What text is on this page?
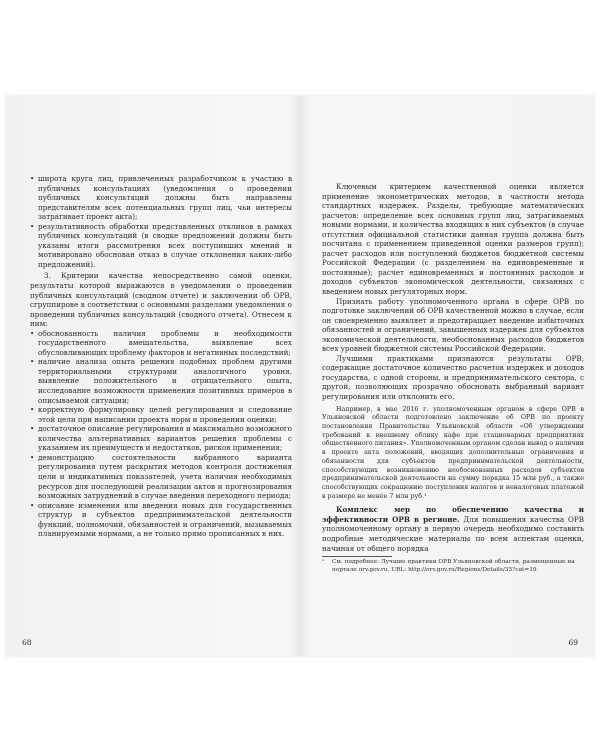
• широта круга лиц, привлеченных разработчиком к участию в публичных консультациях (уведомления о проведении публичных консультаций должны быть направлены представителям всех потенциальных групп лиц, чьи интересы затрагивает проект акта);
• результативность обработки представленных откликов в рамках публичных консультаций (в сводке предложений должны быть указаны итоги рассмотрения всех поступивших мнений и мотивировано обоснован отказ в случае отклонения каких-либо предложений).

3. Критерии качества непосредственно самой оценки, результаты которой выражаются в уведомлении о проведении публичных консультаций (сводном отчете) и заключении об ОРВ, сгруппирове в соответствии с основными разделами уведомления о проведении публичных консультаций (сводного отчета). Отнесем к ним:

• обоснованность наличия проблемы и необходимости государственного вмешательства, выявление всех обусловливающих проблему факторов и негативных последствий;
• наличие анализа опыта решения подобных проблем другими территориальными структурами аналогичного уровня, выявление положительного и отрицательного опыта, исследование возможности применения позитивных примеров в описываемой ситуации;
• корректную формулировку целей регулирования и следование этой цели при написании проекта норм и проведении оценки;
• достаточное описание регулирования и максимально возможного количества альтернативных вариантов решения проблемы с указанием их преимуществ и недостатков, рисков применения;
• демонстрацию состоятельности выбранного варианта регулирования путем раскрытия методов контроля достижения цели и индикативных показателей, учета наличия необходимых ресурсов для последующей реализации актов и прогнозирования возможных затруднений в случае введения переходного периода;
• описание изменения или введения новых для государственных структур и субъектов предпринимательской деятельности функций, полномочий, обязанностей и ограничений, вызываемых планируемыми нормами, а не только прямо прописанных в них.
68

Ключевым критерием качественной оценки является применение эконометрических методов, в частности метода стандартных издержек. Разделы, требующие математических расчетов: определение всех основных групп лиц, затрагиваемых новыми нормами, и количества входящих в них субъектов (в случае отсутствия официальной статистики данная группа должна быть посчитана с применением приведенной оценки размеров групп); расчет расходов или поступлений бюджетов бюджетной системы Российской Федерации (с разделением на единовременные и постоянные); расчет единовременных и постоянных расходов и доходов субъектов экономической деятельности, связанных с введением новых регуляторных норм.

Признать работу уполномоченного органа в сфере ОРВ по подготовке заключений об ОРВ качественной можно в случае, если он своевременно выявляет и предотвращает введение избыточных обязанностей и ограничений, завышенных издержек для субъектов экономической деятельности, необоснованных расходов бюджетов всех уровней бюджетной системы Российской Федерации.

Лучшими практиками признаются результаты ОРВ, содержащие достаточное количество расчетов издержек и доходов государства, с одной стороны, и предпринимательского сектора, с другой, позволяющих прозрачно обосновать выбранный вариант регулирования или отклонить его.

Например, в мае 2016 г. уполномоченным органом в сфере ОРВ в Ульяновской области подготовлено заключение об ОРВ по проекту постановления Правительства Ульяновской области «Об утверждении требований к внешнему облику кафе при стационарных предприятиях общественного питания». Уполномоченным органом сделан вывод о наличии в проекте акта положений, вводящих дополнительные ограничения и обязанности для субъектов предпринимательской деятельности, способствующих возникновению необоснованных расходов субъектов предпринимательской деятельности на сумму порядка 15 млн руб., а также способствующих сокращению поступления налогов и неналоговых платежей в размере не менее 7 млн руб.¹

Комплекс мер по обеспечению качества и эффективности ОРВ в регионе. Для повышения качества ОРВ уполномоченному органу в первую очередь необходимо составить подробные методические материалы по всем аспектам оценки, начиная от общего порядка

¹ См. подробнее: Лучшие практики ОРВ Ульяновской области, размещенные на портале orv.gov.ru. URL: http://orv.gov.ru/Regions/Details/35?cat=19

69
